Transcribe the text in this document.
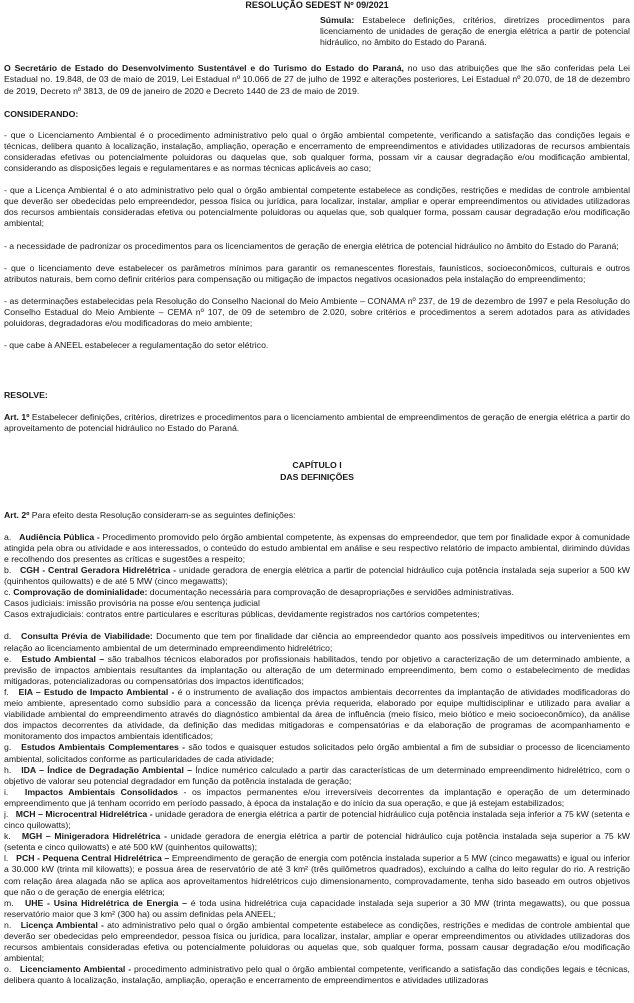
RESOLUÇÃO SEDEST Nº 09/2021

Súmula: Estabelece definições, critérios, diretrizes procedimentos para licenciamento de unidades de geração de energia elétrica a partir de potencial hidráulico, no âmbito do Estado do Paraná.

O Secretário de Estado do Desenvolvimento Sustentável e do Turismo do Estado do Paraná, no uso das atribuições que lhe são conferidas pela Lei Estadual no. 19.848, de 03 de maio de 2019, Lei Estadual nº 10.066 de 27 de julho de 1992 e alterações posteriores, Lei Estadual nº 20.070, de 18 de dezembro de 2019, Decreto nº 3813, de 09 de janeiro de 2020 e Decreto 1440 de 23 de maio de 2019.

CONSIDERANDO:

- que o Licenciamento Ambiental é o procedimento administrativo pelo qual o órgão ambiental competente, verificando a satisfação das condições legais e técnicas, delibera quanto à localização, instalação, ampliação, operação e encerramento de empreendimentos e atividades utilizadoras de recursos ambientais consideradas efetivas ou potencialmente poluidoras ou daquelas que, sob qualquer forma, possam vir a causar degradação e/ou modificação ambiental, considerando as disposições legais e regulamentares e as normas técnicas aplicáveis ao caso;

- que a Licença Ambiental é o ato administrativo pelo qual o órgão ambiental competente estabelece as condições, restrições e medidas de controle ambiental que deverão ser obedecidas pelo empreendedor, pessoa física ou jurídica, para localizar, instalar, ampliar e operar empreendimentos ou atividades utilizadoras dos recursos ambientais consideradas efetiva ou potencialmente poluidoras ou aquelas que, sob qualquer forma, possam causar degradação e/ou modificação ambiental;

- a necessidade de padronizar os procedimentos para os licenciamentos de geração de energia elétrica de potencial hidráulico no âmbito do Estado do Paraná;

- que o licenciamento deve estabelecer os parâmetros mínimos para garantir os remanescentes florestais, faunísticos, socioeconômicos, culturais e outros atributos naturais, bem como definir critérios para compensação ou mitigação de impactos negativos ocasionados pela instalação do empreendimento;

- as determinações estabelecidas pela Resolução do Conselho Nacional do Meio Ambiente – CONAMA nº 237, de 19 de dezembro de 1997 e pela Resolução do Conselho Estadual do Meio Ambiente – CEMA nº 107, de 09 de setembro de 2.020, sobre critérios e procedimentos a serem adotados para as atividades poluidoras, degradadoras e/ou modificadoras do meio ambiente;

- que cabe à ANEEL estabelecer a regulamentação do setor elétrico.

RESOLVE:

Art. 1º Estabelecer definições, critérios, diretrizes e procedimentos para o licenciamento ambiental de empreendimentos de geração de energia elétrica a partir do aproveitamento de potencial hidráulico no Estado do Paraná.

CAPÍTULO I
DAS DEFINIÇÕES

Art. 2º Para efeito desta Resolução consideram-se as seguintes definições:

a. Audiência Pública - Procedimento promovido pelo órgão ambiental competente, às expensas do empreendedor, que tem por finalidade expor à comunidade atingida pela obra ou atividade e aos interessados, o conteúdo do estudo ambiental em análise e seu respectivo relatório de impacto ambiental, dirimindo dúvidas e recolhendo dos presentes as críticas e sugestões a respeito;

b. CGH - Central Geradora Hidrelétrica - unidade geradora de energia elétrica a partir de potencial hidráulico cuja potência instalada seja superior a 500 kW (quinhentos quilowatts) e de até 5 MW (cinco megawatts);

c. Comprovação de dominialidade: documentação necessária para comprovação de desapropriações e servidões administrativas.

Casos judiciais: imissão provisória na posse e/ou sentença judicial

Casos extrajudiciais: contratos entre particulares e escrituras públicas, devidamente registrados nos cartórios competentes;

d. Consulta Prévia de Viabilidade: Documento que tem por finalidade dar ciência ao empreendedor quanto aos possíveis impeditivos ou intervenientes em relação ao licenciamento ambiental de um determinado empreendimento hidrelétrico;

e. Estudo Ambiental – são trabalhos técnicos elaborados por profissionais habilitados, tendo por objetivo a caracterização de um determinado ambiente, a previsão de impactos ambientais resultantes da implantação ou alteração de um determinado empreendimento, bem como o estabelecimento de medidas mitigadoras, potencializadoras ou compensatórias dos impactos identificados;

f. EIA – Estudo de Impacto Ambiental - é o instrumento de avaliação dos impactos ambientais decorrentes da implantação de atividades modificadoras do meio ambiente, apresentado como subsídio para a concessão da licença prévia requerida, elaborado por equipe multidisciplinar e utilizado para avaliar a viabilidade ambiental do empreendimento através do diagnóstico ambiental da área de influência (meio físico, meio biótico e meio socioeconômico), da análise dos impactos decorrentes da atividade, da definição das medidas mitigadoras e compensatórias e da elaboração de programas de acompanhamento e monitoramento dos impactos ambientais identificados;

g. Estudos Ambientais Complementares - são todos e quaisquer estudos solicitados pelo órgão ambiental a fim de subsidiar o processo de licenciamento ambiental, solicitados conforme as particularidades de cada atividade;

h. IDA – Índice de Degradação Ambiental – Índice numérico calculado a partir das características de um determinado empreendimento hidrelétrico, com o objetivo de valorar seu potencial degradador em função da potência instalada de geração;

i. Impactos Ambientais Consolidados - os impactos permanentes e/ou irreversíveis decorrentes da implantação e operação de um determinado empreendimento que já tenham ocorrido em período passado, à época da instalação e do início da sua operação, e que já estejam estabilizados;

j. MCH – Microcentral Hidrelétrica - unidade geradora de energia elétrica a partir de potencial hidráulico cuja potência instalada seja inferior a 75 kW (setenta e cinco quilowatts);

k. MGH – Minigeradora Hidrelétrica - unidade geradora de energia elétrica a partir de potencial hidráulico cuja potência instalada seja superior a 75 kW (setenta e cinco quilowatts) e até 500 kW (quinhentos quilowatts);

l. PCH - Pequena Central Hidrelétrica – Empreendimento de geração de energia com potência instalada superior a 5 MW (cinco megawatts) e igual ou inferior a 30.000 kW (trinta mil kilowatts); e possua área de reservatório de até 3 km² (três quilômetros quadrados), excluindo a calha do leito regular do rio. A restrição com relação área alagada não se aplica aos aproveitamentos hidrelétricos cujo dimensionamento, comprovadamente, tenha sido baseado em outros objetivos que não o de geração de energia elétrica;

m. UHE - Usina Hidrelétrica de Energia – é toda usina hidrelétrica cuja capacidade instalada seja superior a 30 MW (trinta megawatts), ou que possua reservatório maior que 3 km² (300 ha) ou assim definidas pela ANEEL;

n. Licença Ambiental - ato administrativo pelo qual o órgão ambiental competente estabelece as condições, restrições e medidas de controle ambiental que deverão ser obedecidas pelo empreendedor, pessoa física ou jurídica, para localizar, instalar, ampliar e operar empreendimentos ou atividades utilizadoras dos recursos ambientais consideradas efetiva ou potencialmente poluidoras ou aquelas que, sob qualquer forma, possam causar degradação e/ou modificação ambiental;

o. Licenciamento Ambiental - procedimento administrativo pelo qual o órgão ambiental competente, verificando a satisfação das condições legais e técnicas, delibera quanto à localização, instalação, ampliação, operação e encerramento de empreendimentos e atividades utilizadoras
